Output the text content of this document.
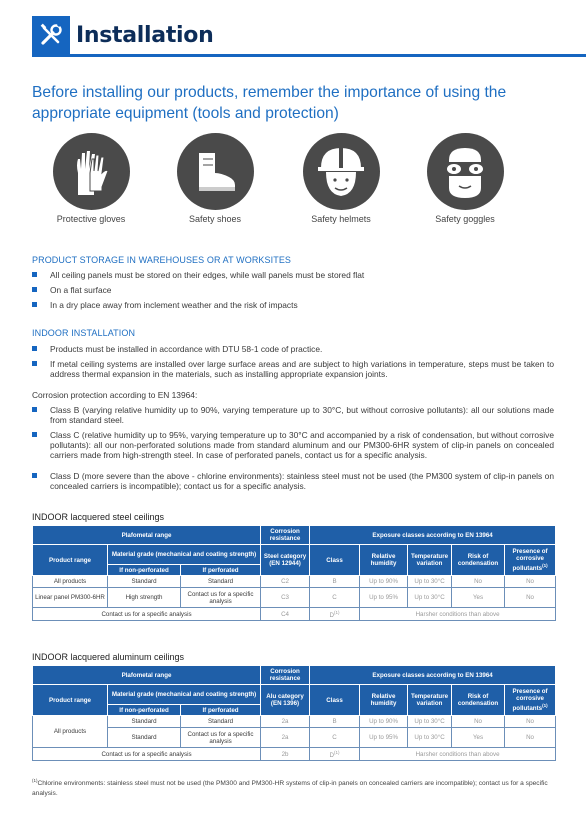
Installation
Before installing our products, remember the importance of using the appropriate equipment (tools and protection)
Protective gloves	Safety shoes	Safety helmets	Safety goggles
PRODUCT STORAGE IN WAREHOUSES OR AT WORKSITES
All ceiling panels must be stored on their edges, while wall panels must be stored flat
On a flat surface
In a dry place away from inclement weather and the risk of impacts
INDOOR INSTALLATION
Products must be installed in accordance with DTU 58-1 code of practice.
If metal ceiling systems are installed over large surface areas and are subject to high variations in temperature, steps must be taken to address thermal expansion in the materials, such as installing appropriate expansion joints.
Corrosion protection according to EN 13964:
Class B (varying relative humidity up to 90%, varying temperature up to 30°C, but without corrosive pollutants): all our solutions made from standard steel.
Class C (relative humidity up to 95%, varying temperature up to 30°C and accompanied by a risk of condensation, but without corrosive pollutants): all our non-perforated solutions made from standard aluminum and our PM300-6HR system of clip-in panels on concealed carriers made from high-strength steel. In case of perforated panels, contact us for a specific analysis.
Class D (more severe than the above - chlorine environments): stainless steel must not be used (the PM300 system of clip-in panels on concealed carriers is incompatible); contact us for a specific analysis.
INDOOR lacquered steel ceilings
Plafometal range			Corrosion resistance	Exposure classes according to EN 13964				
Product range	Material grade (mechanical and coating strength)		Steel category (EN 12944)	Class	Relative humidity	Temperature variation	Risk of condensation	Presence of corrosive pollutants$^{(1)}$
	If non-perforated	If perforated						
All products	Standard	Standard	C2	B	Up to 90%	Up to 30°C	No	No
Linear panel PM300-6HR	High strength	Contact us for a specific analysis	C3	C	Up to 95%	Up to 30°C	Yes	No
Contact us for a specific analysis			C4	$D^{(1)}$	Harsher conditions than above			
INDOOR lacquered aluminum ceilings
Plafometal range			Corrosion resistance	Exposure classes according to EN 13964				
Product range	Material grade (mechanical and coating strength)		Alu category (EN 1396)	Class	Relative humidity	Temperature variation	Risk of condensation	Presence of corrosive pollutants$^{(1)}$
	If non-perforated	If perforated						
All products	Standard	Standard	2a	B	Up to 90%	Up to 30°C	No	No
	Standard	Contact us for a specific analysis	2a	C	Up to 95%	Up to 30°C	Yes	No
Contact us for a specific analysis			2b	$D^{(1)}$	Harsher conditions than above			
$^{(1)}$Chlorine environments: stainless steel must not be used (the PM300 and PM300-HR systems of clip-in panels on concealed carriers are incompatible); contact us for a specific analysis.
